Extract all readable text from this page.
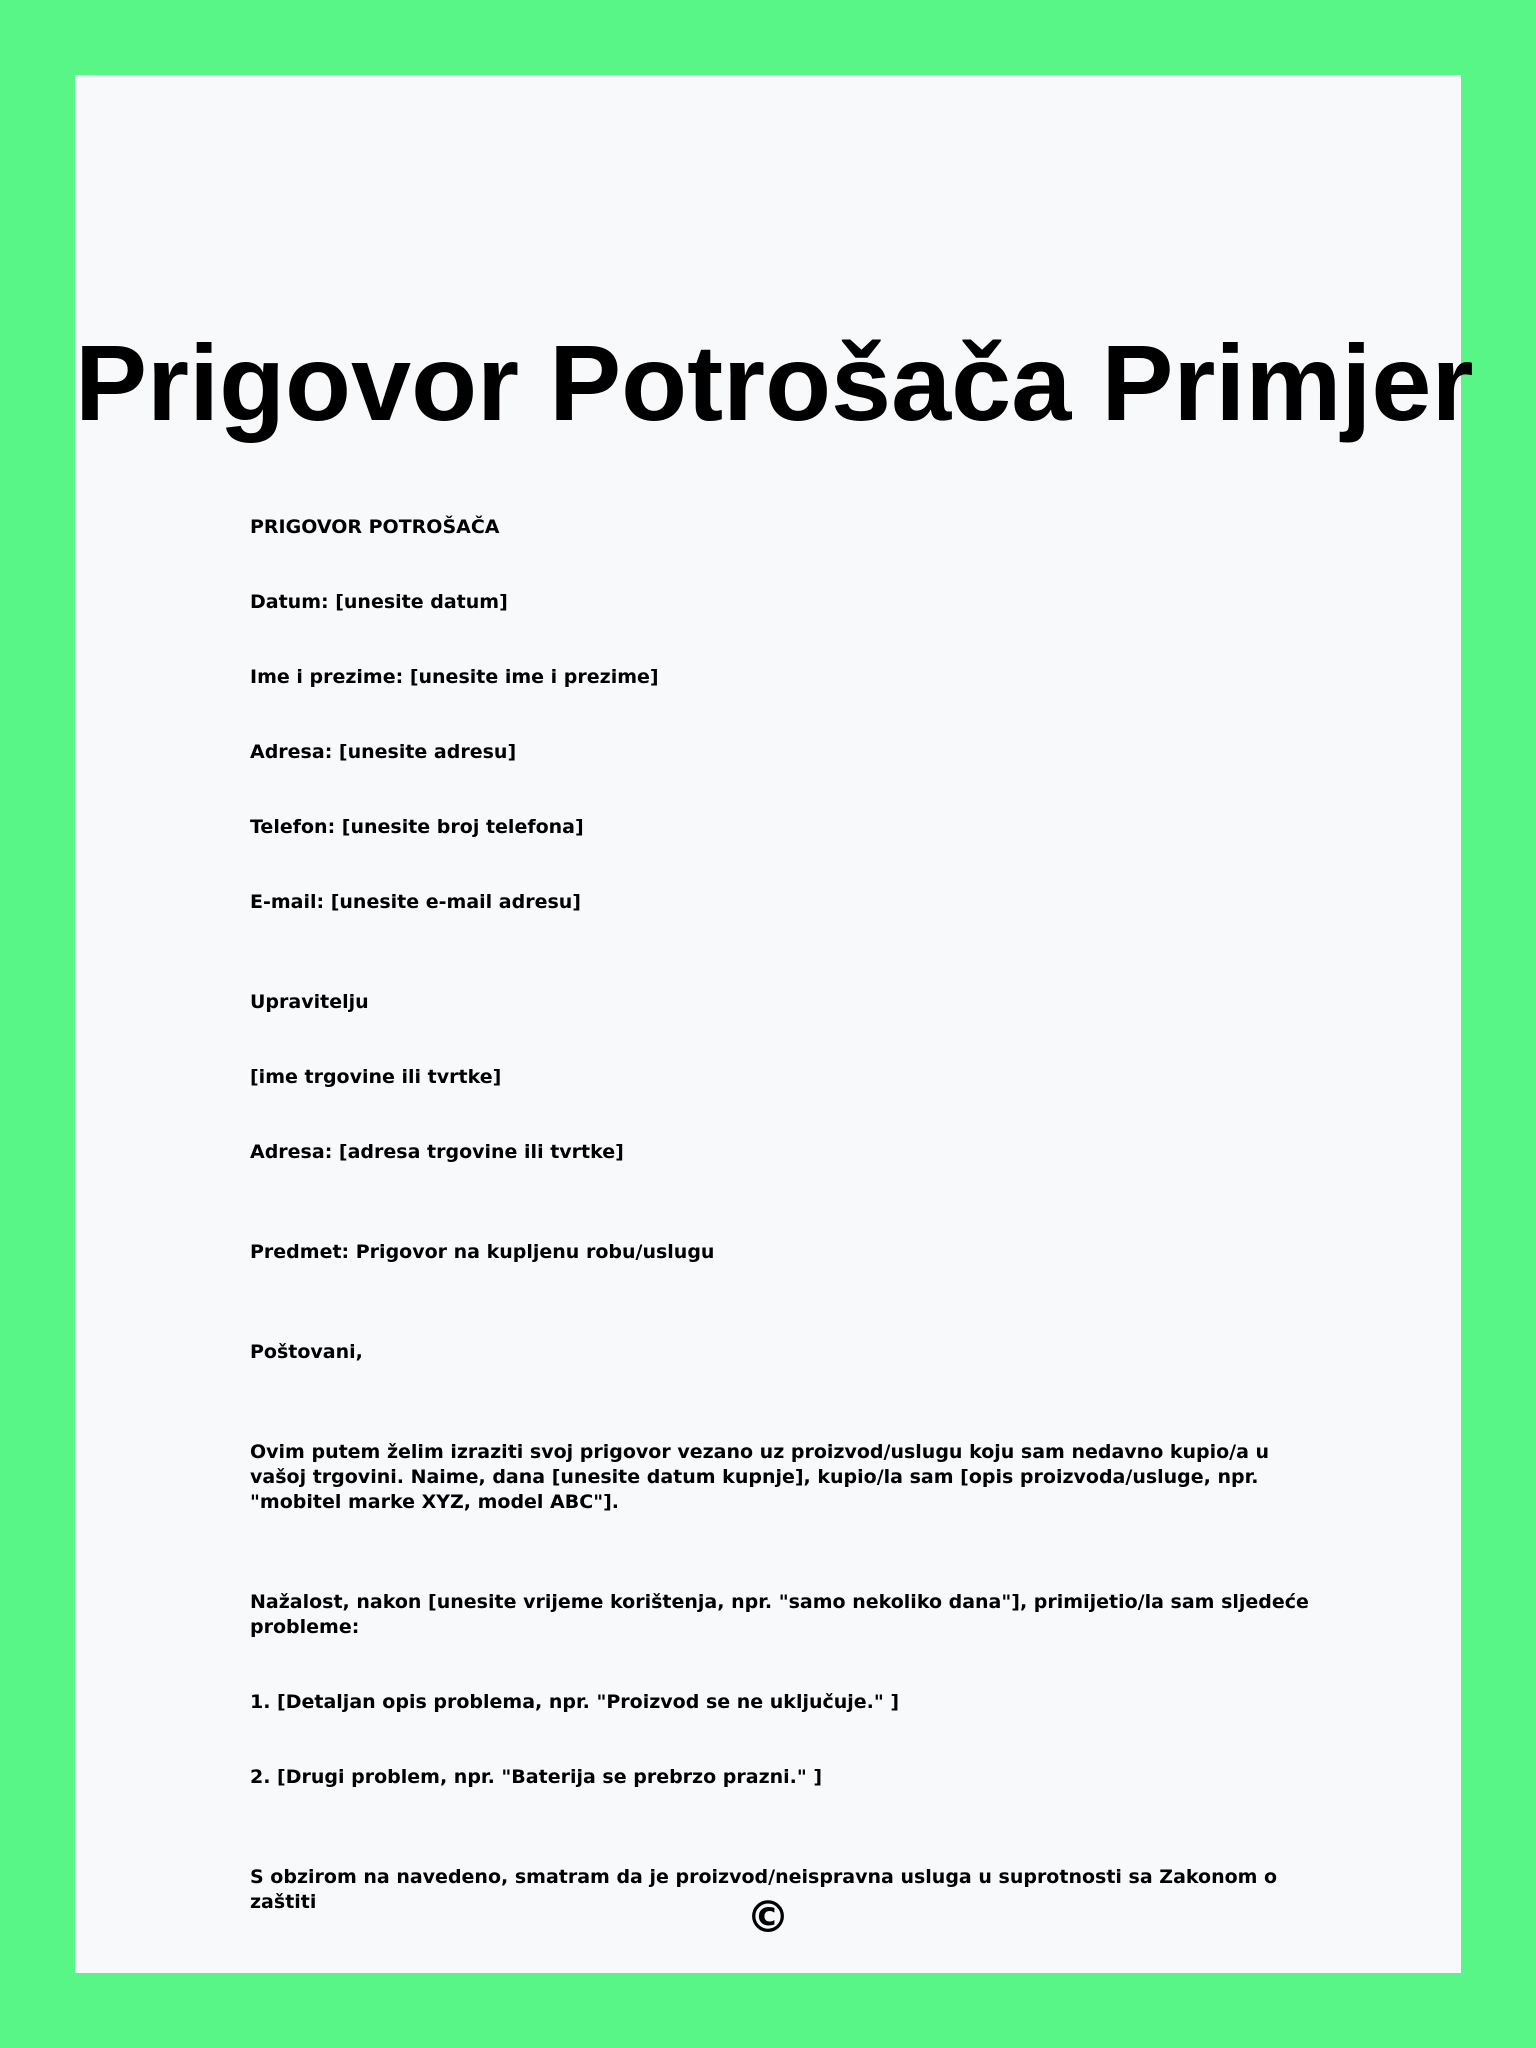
Prigovor Potrošača Primjer

PRIGOVOR POTROŠAČA

Datum: [unesite datum]

Ime i prezime: [unesite ime i prezime]

Adresa: [unesite adresu]

Telefon: [unesite broj telefona]

E-mail: [unesite e-mail adresu]

Upravitelju

[ime trgovine ili tvrtke]

Adresa: [adresa trgovine ili tvrtke]

Predmet: Prigovor na kupljenu robu/uslugu

Poštovani,

Ovim putem želim izraziti svoj prigovor vezano uz proizvod/uslugu koju sam nedavno kupio/a u vašoj trgovini. Naime, dana [unesite datum kupnje], kupio/la sam [opis proizvoda/usluge, npr. "mobitel marke XYZ, model ABC"].

Nažalost, nakon [unesite vrijeme korištenja, npr. "samo nekoliko dana"], primijetio/la sam sljedeće probleme:

1. [Detaljan opis problema, npr. "Proizvod se ne uključuje." ]

2. [Drugi problem, npr. "Baterija se prebrzo prazni." ]

S obzirom na navedeno, smatram da je proizvod/neispravna usluga u suprotnosti sa Zakonom o zaštiti	©
